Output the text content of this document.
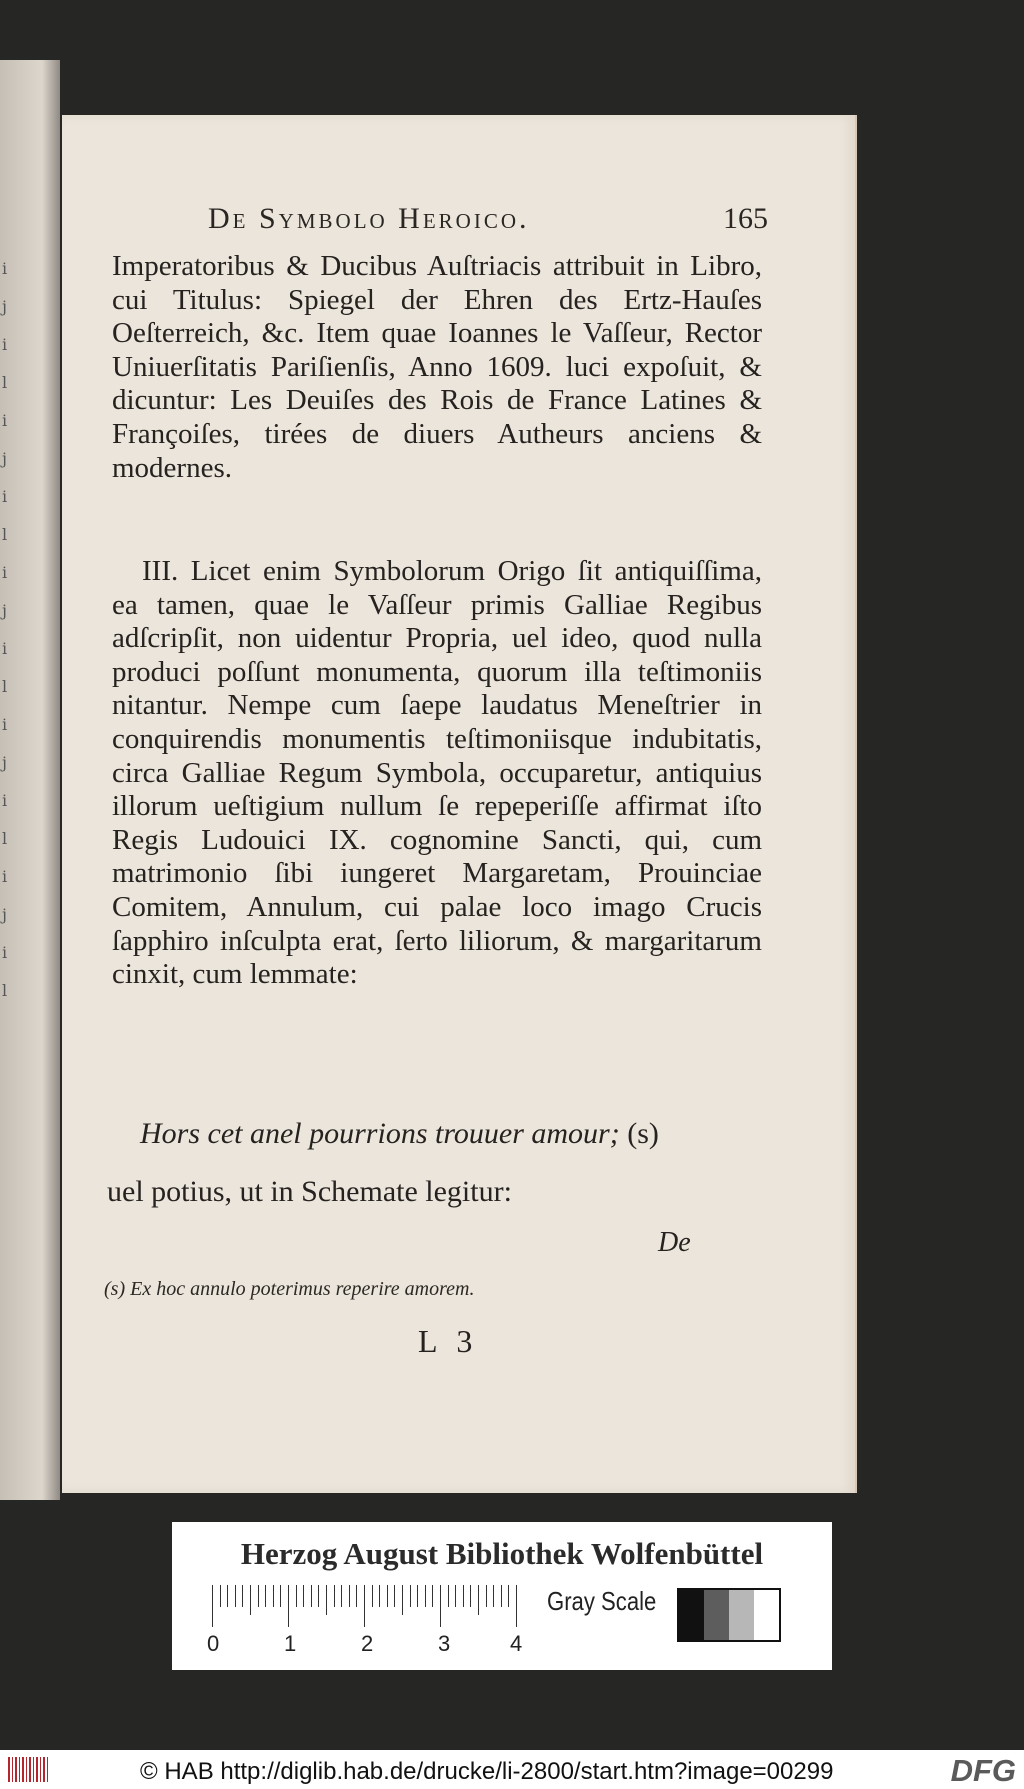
i
j
i
l
i
j
i
l
i
j
i
l
i
j
i
l
i
j
i
l
De Symbolo Heroico.	165

Imperatoribus & Ducibus Auſtriacis attribuit in Libro, cui Titulus: Spiegel der Ehren des Ertz-Hauſes Oeſterreich, &c. Item quae Ioannes le Vaſſeur, Rector Uniuerſitatis Pariſienſis, Anno 1609. luci expoſuit, & dicuntur: Les Deuiſes des Rois de France Latines & Françoiſes, tirées de diuers Autheurs anciens & modernes.

III. Licet enim Symbolorum Origo ſit antiquiſſima, ea tamen, quae le Vaſſeur primis Galliae Regibus adſcripſit, non uidentur Propria, uel ideo, quod nulla produci poſſunt monumenta, quorum illa teſtimoniis nitantur. Nempe cum ſaepe laudatus Meneſtrier in conquirendis monumentis teſtimoniisque indubitatis, circa Galliae Regum Symbola, occuparetur, antiquius illorum ueſtigium nullum ſe repeperiſſe affirmat iſto Regis Ludouici IX. cognomine Sancti, qui, cum matrimonio ſibi iungeret Margaretam, Prouinciae Comitem, Annulum, cui palae loco imago Crucis ſapphiro inſculpta erat, ſerto liliorum, & margaritarum cinxit, cum lemmate:

Hors cet anel pourrions trouuer amour; (s)
uel potius, ut in Schemate legitur:
De
(s) Ex hoc annulo poterimus reperire amorem.
L 3
Herzog August Bibliothek Wolfenbüttel
0	1	2	3	4
Gray Scale
© HAB http://diglib.hab.de/drucke/li-2800/start.htm?image=00299	DFG
